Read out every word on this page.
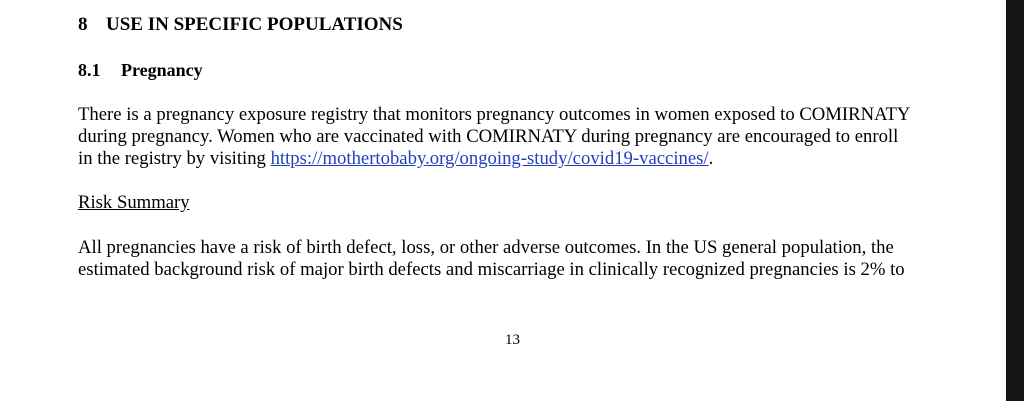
8 USE IN SPECIFIC POPULATIONS
8.1 Pregnancy
There is a pregnancy exposure registry that monitors pregnancy outcomes in women exposed to COMIRNATY
during pregnancy. Women who are vaccinated with COMIRNATY during pregnancy are encouraged to enroll
in the registry by visiting https://mothertobaby.org/ongoing-study/covid19-vaccines/.
Risk Summary
All pregnancies have a risk of birth defect, loss, or other adverse outcomes. In the US general population, the
estimated background risk of major birth defects and miscarriage in clinically recognized pregnancies is 2% to
13
